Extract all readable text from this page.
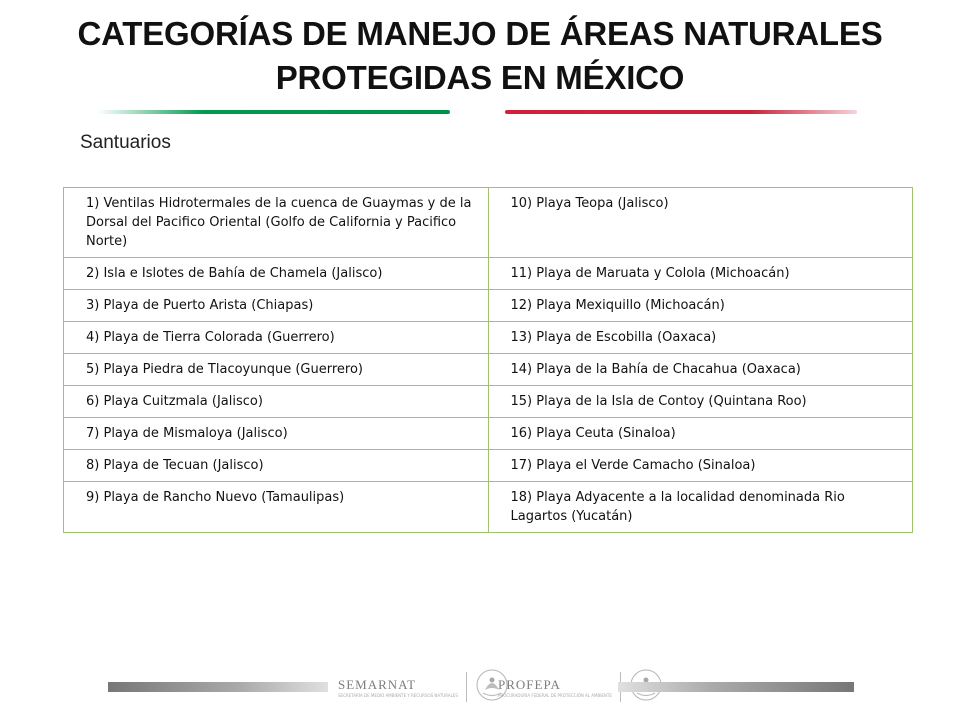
CATEGORÍAS DE MANEJO DE ÁREAS NATURALES
PROTEGIDAS EN MÉXICO
Santuarios
1) Ventilas Hidrotermales de la cuenca de Guaymas y de la Dorsal del Pacifico Oriental (Golfo de California y Pacifico Norte)	10) Playa Teopa (Jalisco)
2) Isla e Islotes de Bahía de Chamela (Jalisco)	11) Playa de Maruata y Colola (Michoacán)
3) Playa de Puerto Arista (Chiapas)	12) Playa Mexiquillo (Michoacán)
4) Playa de Tierra Colorada (Guerrero)	13) Playa de Escobilla (Oaxaca)
5) Playa Piedra de Tlacoyunque (Guerrero)	14) Playa de la Bahía de Chacahua (Oaxaca)
6) Playa Cuitzmala (Jalisco)	15) Playa de la Isla de Contoy (Quintana Roo)
7) Playa de Mismaloya (Jalisco)	16) Playa Ceuta (Sinaloa)
8) Playa de Tecuan (Jalisco)	17) Playa el Verde Camacho (Sinaloa)
9) Playa de Rancho Nuevo (Tamaulipas)	18) Playa Adyacente a la localidad denominada Rio Lagartos (Yucatán)
SEMARNAT
SECRETARÍA DE MEDIO AMBIENTE Y RECURSOS NATURALES
PROFEPA
PROCURADURÍA FEDERAL DE PROTECCIÓN AL AMBIENTE
